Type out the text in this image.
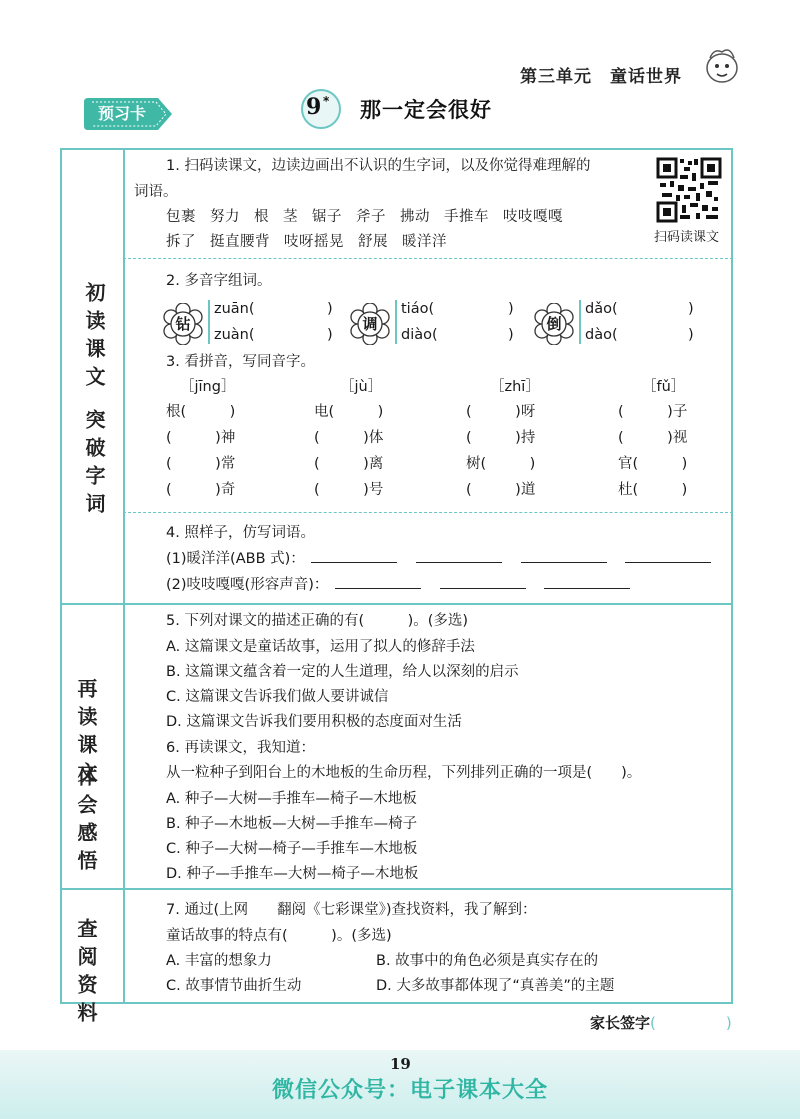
第三单元 童话世界
预习卡	9 * 那一定会很好
初读课文 突破字词
再读课文
体会感悟
查阅资料
1. 扫码读课文，边读边画出不认识的生字词，以及你觉得难理解的
词语。
包裹 努力 根 茎 锯子 斧子 拂动 手推车 吱吱嘎嘎
拆了 挺直腰背 吱呀摇晃 舒展 暖洋洋	扫码读课文
2. 多音字组词。
钻
zuān(	)
zuàn(	)
调
tiáo(	)
diào(	)
倒
dǎo(	)
dào(	)
3. 看拼音，写同音字。
［jīng］	［jù］	［zhī］	［fǔ］
根(　　　)	电(　　　)	(　　　)呀	(　　　)子
(　　　)神	(　　　)体	(　　　)持	(　　　)视
(　　　)常	(　　　)离	树(　　　)	官(　　　)
(　　　)奇	(　　　)号	(　　　)道	杜(　　　)
4. 照样子，仿写词语。
(1)暖洋洋(ABB 式)：
(2)吱吱嘎嘎(形容声音)：
5. 下列对课文的描述正确的有(　　　)。(多选)
A. 这篇课文是童话故事，运用了拟人的修辞手法
B. 这篇课文蕴含着一定的人生道理，给人以深刻的启示
C. 这篇课文告诉我们做人要讲诚信
D. 这篇课文告诉我们要用积极的态度面对生活
6. 再读课文，我知道：
从一粒种子到阳台上的木地板的生命历程，下列排列正确的一项是(　　)。
A. 种子—大树—手推车—椅子—木地板
B. 种子—木地板—大树—手推车—椅子
C. 种子—大树—椅子—手推车—木地板
D. 种子—手推车—大树—椅子—木地板
7. 通过(上网　　翻阅《七彩课堂》)查找资料，我了解到：
童话故事的特点有(　　　)。(多选)
A. 丰富的想象力	B. 故事中的角色必须是真实存在的
C. 故事情节曲折生动	D. 大多故事都体现了“真善美”的主题
家长签字(	)
19
微信公众号：电子课本大全
